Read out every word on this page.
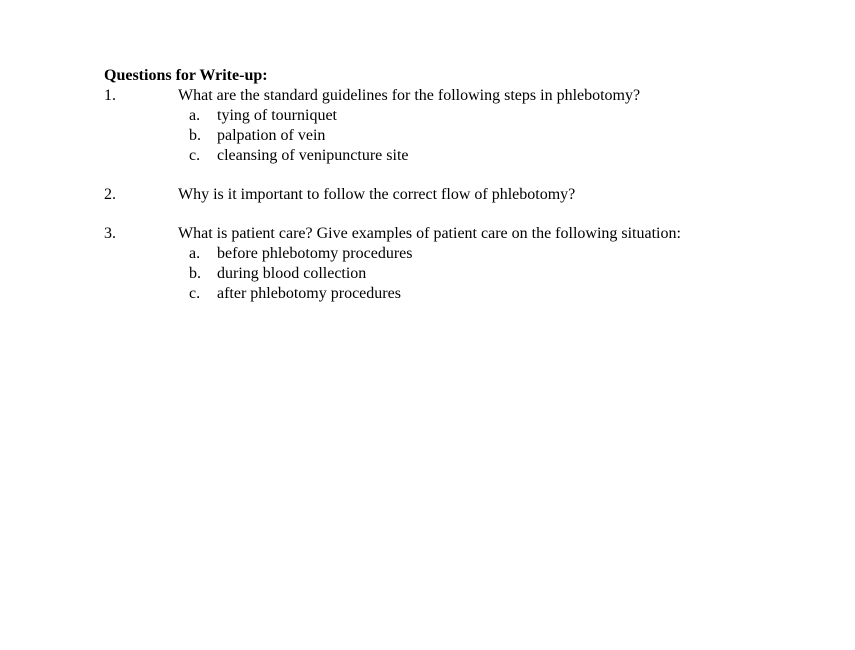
Questions for Write-up:
1.	What are the standard guidelines for the following steps in phlebotomy?
a. tying of tourniquet
b. palpation of vein
c. cleansing of venipuncture site
2.	Why is it important to follow the correct flow of phlebotomy?
3.	What is patient care? Give examples of patient care on the following situation:
a. before phlebotomy procedures
b. during blood collection
c. after phlebotomy procedures
